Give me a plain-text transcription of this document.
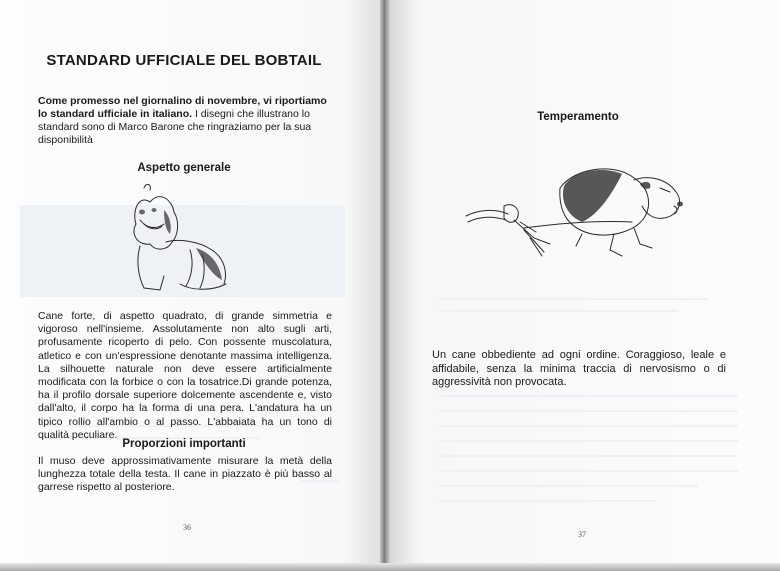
STANDARD UFFICIALE DEL BOBTAIL
Come promesso nel giornalino di novembre, vi riportiamo lo standard ufficiale in italiano. I disegni che illustrano lo standard sono di Marco Barone che ringraziamo per la sua disponibilità
Aspetto generale
Cane forte, di aspetto quadrato, di grande simmetria e vigoroso nell'insieme. Assolutamente non alto sugli arti, profusamente ricoperto di pelo. Con possente muscolatura, atletico e con un'espressione denotante massima intelligenza. La silhouette naturale non deve essere artificialmente modificata con la forbice o con la tosatrice.Di grande potenza, ha il profilo dorsale superiore dolcemente ascendente e, visto dall'alto, il corpo ha la forma di una pera. L'andatura ha un tipico rollio all'ambio o al passo. L'abbaiata ha un tono di qualità peculiare.
Proporzioni importanti
Il muso deve approssimativamente misurare la metà della lunghezza totale della testa. Il cane in piazzato è più basso al garrese rispetto al posteriore.
36
Temperamento
Un cane obbediente ad ogni ordine. Coraggioso, leale e affidabile, senza la minima traccia di nervosismo o di aggressività non provocata.
37
